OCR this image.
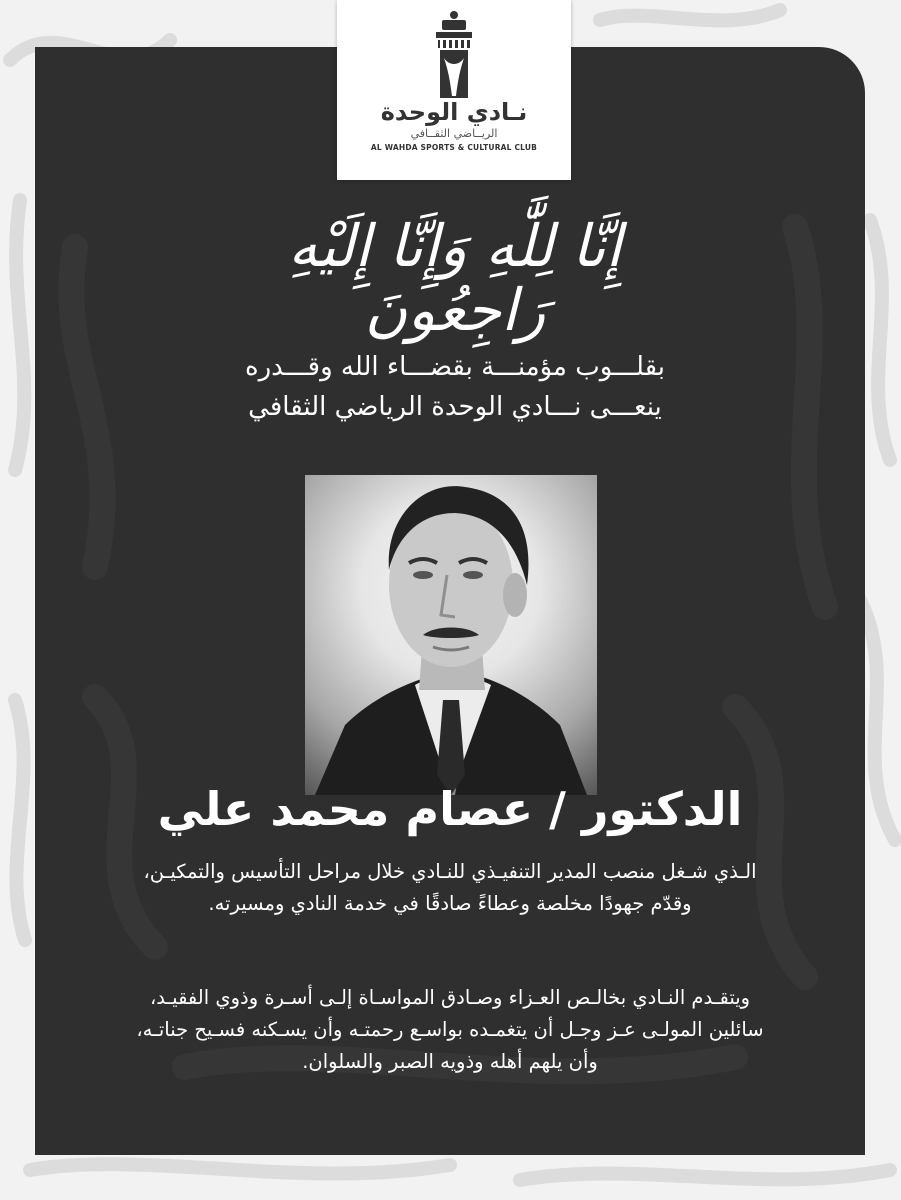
نـادي الوحدة
الريــاضي الثقــافي
AL WAHDA SPORTS & CULTURAL CLUB
إِنَّا لِلَّٰهِ وَإِنَّا إِلَيْهِ رَاجِعُونَ
بقلـــوب مؤمنـــة بقضـــاء الله وقـــدره
ينعـــى نـــادي الوحدة الرياضي الثقافي
الدكتور / عصام محمد علي
الـذي شـغل منصب المدير التنفيـذي للنـادي خلال مراحل التأسيس والتمكيـن،
وقدّم جهودًا مخلصة وعطاءً صادقًا في خدمة النادي ومسيرته.
ويتقـدم النـادي بخالـص العـزاء وصـادق المواسـاة إلـى أسـرة وذوي الفقيـد،
سائلين المولـى عـز وجـل أن يتغمـده بواسـع رحمتـه وأن يسـكنه فسـيح جناتـه،
وأن يلهم أهله وذويه الصبر والسلوان.
